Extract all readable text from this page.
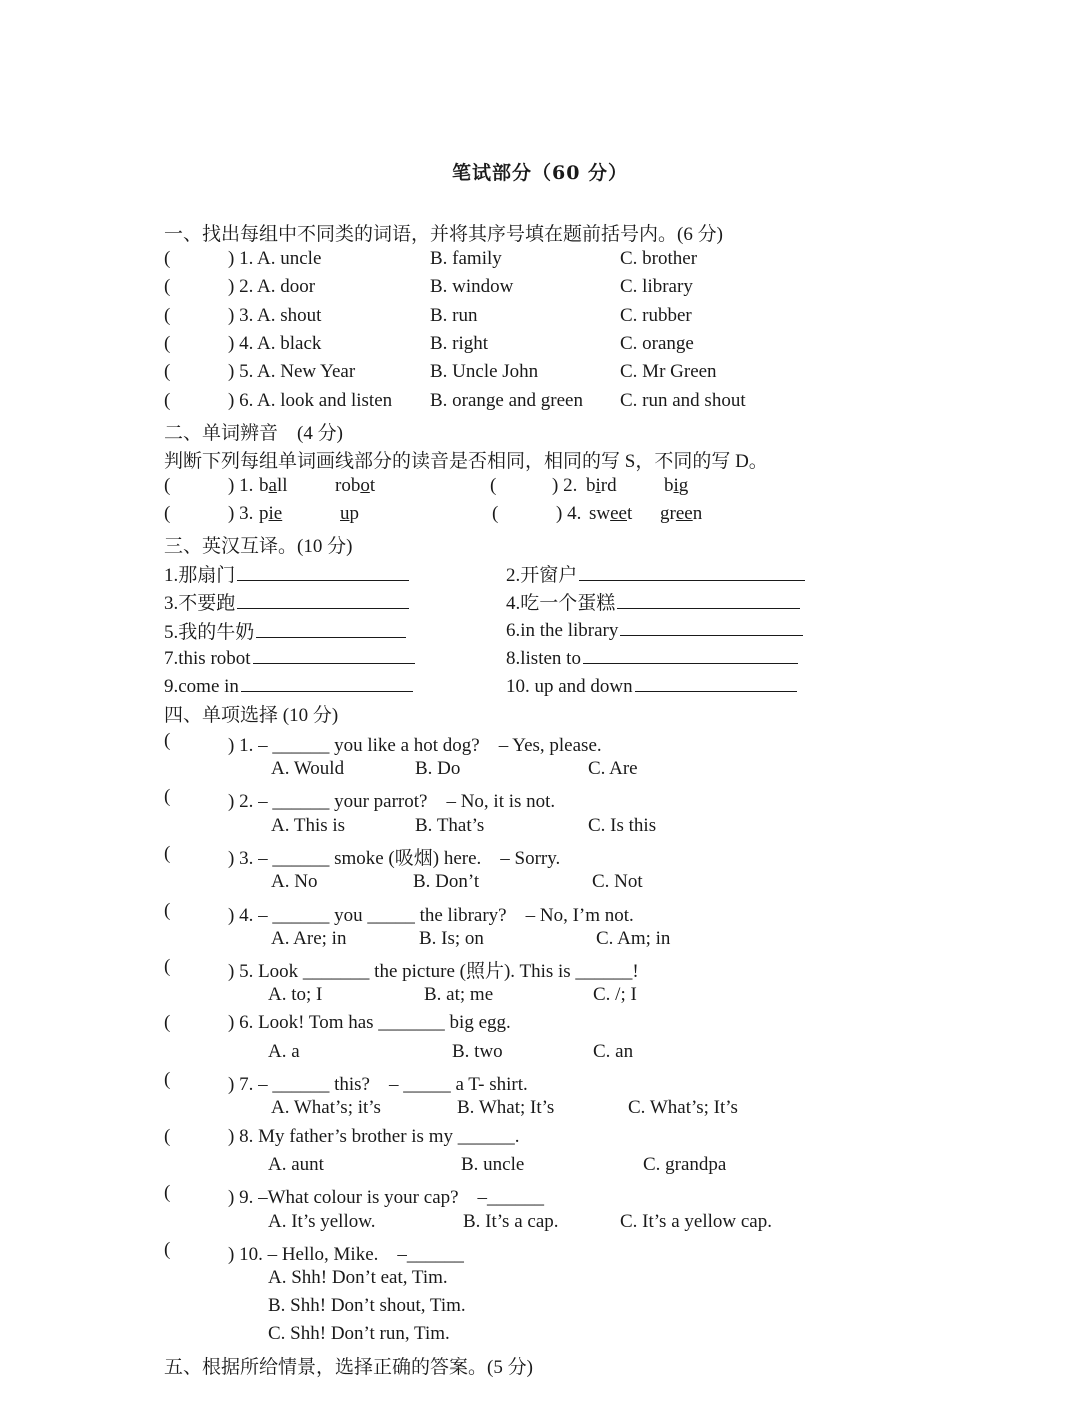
笔试部分（60 分）
一、找出每组中不同类的词语，并将其序号填在题前括号内。(6 分)
(	) 1. A. uncle	B. family	C. brother
(	) 2. A. door	B. window	C. library
(	) 3. A. shout	B. run	C. rubber
(	) 4. A. black	B. right	C. orange
(	) 5. A. New Year	B. Uncle John	C. Mr Green
(	) 6. A. look and listen B. orange and green C. run and shout
二、单词辨音　(4 分)
判断下列每组单词画线部分的读音是否相同，相同的写 S，不同的写 D。
(	) 1. ball	robot	(	) 2. bird big
(	) 3. pie	up	(	) 4. sweet green
三、英汉互译。(10 分)
1.那扇门	2.开窗户
3.不要跑	4.吃一个蛋糕
5.我的牛奶	6.in the library
7.this robot	8.listen to
9.come in	10. up and down
四、单项选择 (10 分)
(	) 1. – ______ you like a hot dog?　– Yes, please.
A. Would	B. Do	C. Are
(	) 2. – ______ your parrot?　– No, it is not.
A. This is	B. That’s	C. Is this
(	) 3. – ______ smoke (吸烟) here.　– Sorry.
A. No	B. Don’t	C. Not
(	) 4. – ______ you _____ the library?　– No, I’m not.
A. Are; in	B. Is; on	C. Am; in
(	) 5. Look _______ the picture (照片). This is ______!
A. to; I	B. at; me	C. /; I
(	) 6. Look! Tom has _______ big egg.
A. a	B. two	C. an
(	) 7. – ______ this?　– _____ a T- shirt.
A. What’s; it’s	B. What; It’s	C. What’s; It’s
(	) 8. My father’s brother is my ______.
A. aunt	B. uncle	C. grandpa
(	) 9. –What colour is your cap?　–______
A. It’s yellow.	B. It’s a cap.	C. It’s a yellow cap.
(	) 10. – Hello, Mike.　–______
A. Shh! Don’t eat, Tim.
B. Shh! Don’t shout, Tim.
C. Shh! Don’t run, Tim.
五、根据所给情景，选择正确的答案。(5 分)
